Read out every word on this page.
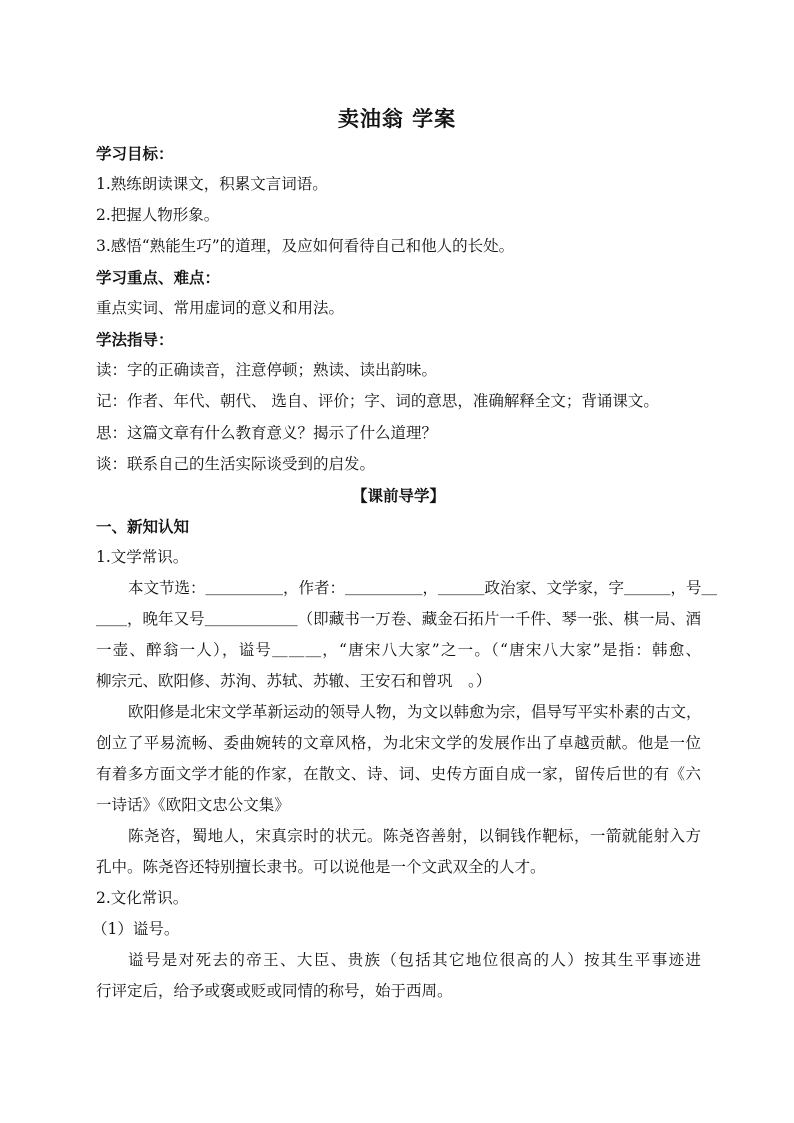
卖油翁 学案
学习目标：
1.熟练朗读课文，积累文言词语。
2.把握人物形象。
3.感悟“熟能生巧”的道理，及应如何看待自己和他人的长处。
学习重点、难点：
重点实词、常用虚词的意义和用法。
学法指导：
读：字的正确读音，注意停顿；熟读、读出韵味。
记：作者、年代、朝代、 选自、评价；字、词的意思，准确解释全文；背诵课文。
思：这篇文章有什么教育意义？揭示了什么道理？
谈：联系自己的生活实际谈受到的启发。
【课前导学】
一、新知认知
1.文学常识。
本文节选：＿＿＿＿＿，作者：＿＿＿＿＿，＿＿＿政治家、文学家，字＿＿＿，号＿
＿＿，晚年又号＿＿＿＿＿＿（即藏书一万卷、藏金石拓片一千件、琴一张、棋一局、酒
一壶、醉翁一人），谥号＿＿＿，“唐宋八大家”之一。（“唐宋八大家”是指：韩愈、
柳宗元、欧阳修、苏洵、苏轼、苏辙、王安石和曾巩　。）
欧阳修是北宋文学革新运动的领导人物，为文以韩愈为宗，倡导写平实朴素的古文，
创立了平易流畅、委曲婉转的文章风格，为北宋文学的发展作出了卓越贡献。他是一位
有着多方面文学才能的作家，在散文、诗、词、史传方面自成一家，留传后世的有《六
一诗话》《欧阳文忠公文集》
陈尧咨，蜀地人，宋真宗时的状元。陈尧咨善射，以铜钱作靶标，一箭就能射入方
孔中。陈尧咨还特别擅长隶书。可以说他是一个文武双全的人才。
2.文化常识。
（1）谥号。
谥号是对死去的帝王、大臣、贵族（包括其它地位很高的人）按其生平事迹进
行评定后，给予或褒或贬或同情的称号，始于西周。
